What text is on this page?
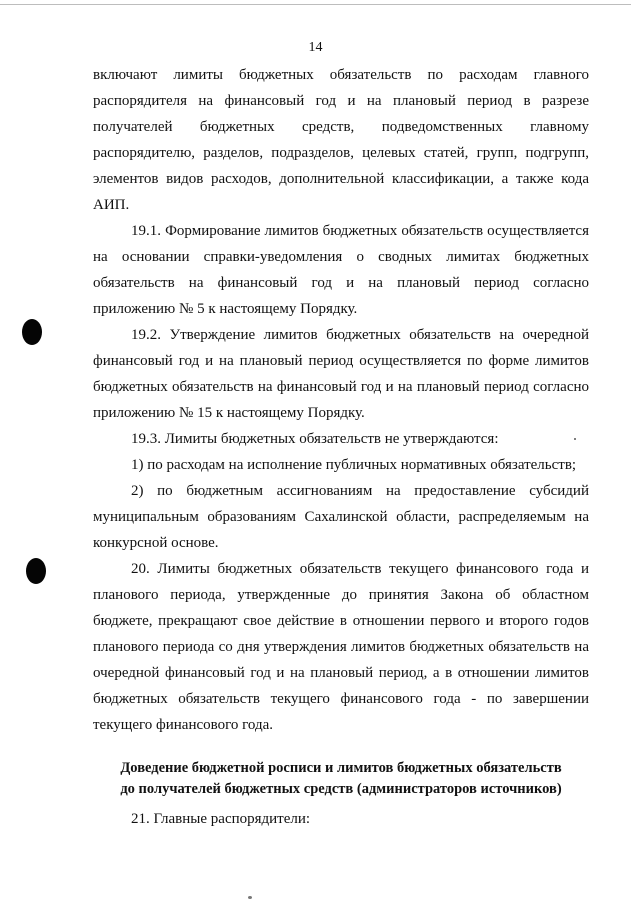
14
включают лимиты бюджетных обязательств по расходам главного
распорядителя на финансовый год и на плановый период в разрезе
получателей бюджетных средств, подведомственных главному
распорядителю, разделов, подразделов, целевых статей, групп, подгрупп,
элементов видов расходов, дополнительной классификации, а также кода
АИП.
19.1. Формирование лимитов бюджетных обязательств осуществляется
на основании справки-уведомления о сводных лимитах бюджетных
обязательств на финансовый год и на плановый период согласно
приложению № 5 к настоящему Порядку.
19.2. Утверждение лимитов бюджетных обязательств на очередной
финансовый год и на плановый период осуществляется по форме лимитов
бюджетных обязательств на финансовый год и на плановый период согласно
приложению № 15 к настоящему Порядку.
19.3. Лимиты бюджетных обязательств не утверждаются:
1) по расходам на исполнение публичных нормативных обязательств;
2) по бюджетным ассигнованиям на предоставление субсидий
муниципальным образованиям Сахалинской области, распределяемым на
конкурсной основе.
20. Лимиты бюджетных обязательств текущего финансового года и
планового периода, утвержденные до принятия Закона об областном
бюджете, прекращают свое действие в отношении первого и второго годов
планового периода со дня утверждения лимитов бюджетных обязательств на
очередной финансовый год и на плановый период, а в отношении лимитов
бюджетных обязательств текущего финансового года - по завершении
текущего финансового года.
Доведение бюджетной росписи и лимитов бюджетных обязательств
до получателей бюджетных средств (администраторов источников)
21. Главные распорядители:
